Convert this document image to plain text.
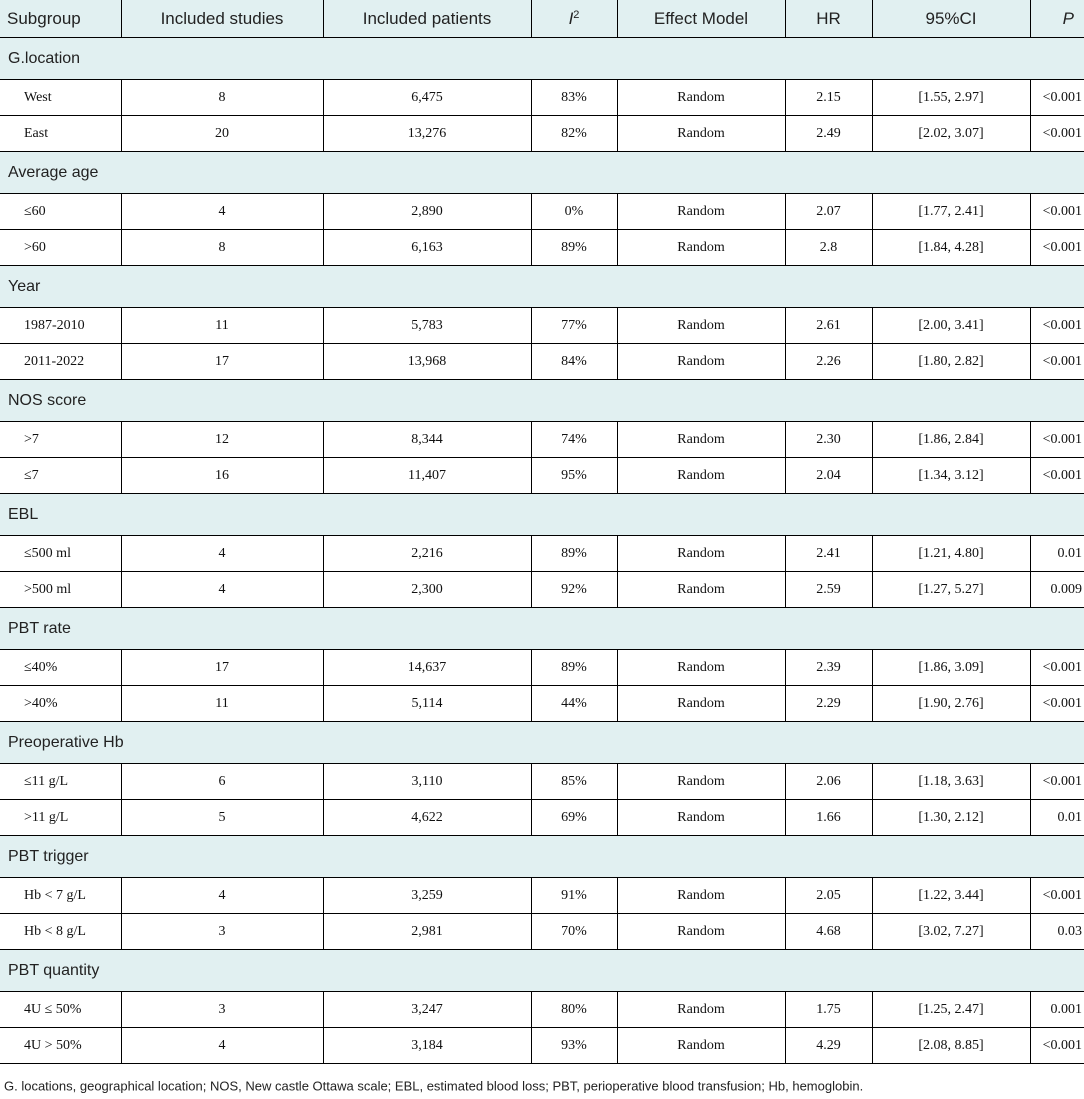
Subgroup	Included studies	Included patients	$I^2$	Effect Model	HR	95%CI	P
G.location							
West	8	6,475	83%	Random	2.15	[1.55, 2.97]	<0.001
East	20	13,276	82%	Random	2.49	[2.02, 3.07]	<0.001
Average age							
≤60	4	2,890	0%	Random	2.07	[1.77, 2.41]	<0.001
>60	8	6,163	89%	Random	2.8	[1.84, 4.28]	<0.001
Year							
1987-2010	11	5,783	77%	Random	2.61	[2.00, 3.41]	<0.001
2011-2022	17	13,968	84%	Random	2.26	[1.80, 2.82]	<0.001
NOS score							
>7	12	8,344	74%	Random	2.30	[1.86, 2.84]	<0.001
≤7	16	11,407	95%	Random	2.04	[1.34, 3.12]	<0.001
EBL							
≤500 ml	4	2,216	89%	Random	2.41	[1.21, 4.80]	0.01
>500 ml	4	2,300	92%	Random	2.59	[1.27, 5.27]	0.009
PBT rate							
≤40%	17	14,637	89%	Random	2.39	[1.86, 3.09]	<0.001
>40%	11	5,114	44%	Random	2.29	[1.90, 2.76]	<0.001
Preoperative Hb							
≤11 g/L	6	3,110	85%	Random	2.06	[1.18, 3.63]	<0.001
>11 g/L	5	4,622	69%	Random	1.66	[1.30, 2.12]	0.01
PBT trigger							
Hb < 7 g/L	4	3,259	91%	Random	2.05	[1.22, 3.44]	<0.001
Hb < 8 g/L	3	2,981	70%	Random	4.68	[3.02, 7.27]	0.03
PBT quantity							
4U ≤ 50%	3	3,247	80%	Random	1.75	[1.25, 2.47]	0.001
4U > 50%	4	3,184	93%	Random	4.29	[2.08, 8.85]	<0.001
G. locations, geographical location; NOS, New castle Ottawa scale; EBL, estimated blood loss; PBT, perioperative blood transfusion; Hb, hemoglobin.
